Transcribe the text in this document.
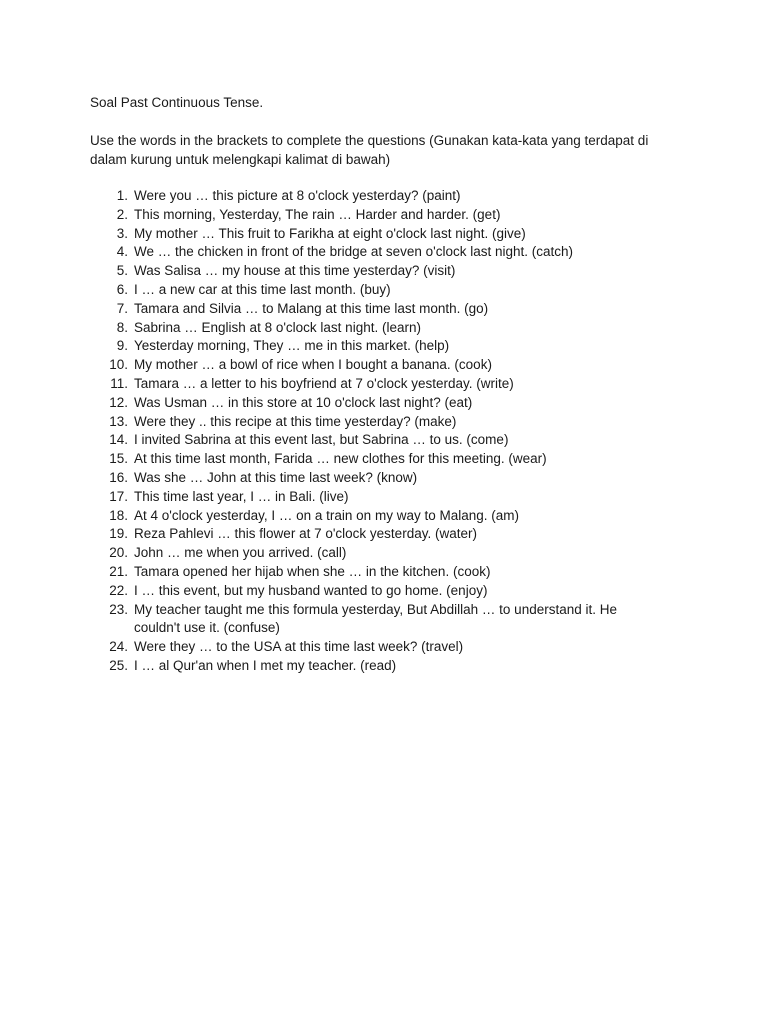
Soal Past Continuous Tense.

Use the words in the brackets to complete the questions (Gunakan kata-kata yang terdapat di dalam kurung untuk melengkapi kalimat di bawah)
1. Were you … this picture at 8 o'clock yesterday? (paint)
2. This morning, Yesterday, The rain … Harder and harder. (get)
3. My mother … This fruit to Farikha at eight o'clock last night. (give)
4. We … the chicken in front of the bridge at seven o'clock last night. (catch)
5. Was Salisa … my house at this time yesterday? (visit)
6. I … a new car at this time last month. (buy)
7. Tamara and Silvia … to Malang at this time last month. (go)
8. Sabrina … English at 8 o'clock last night. (learn)
9. Yesterday morning, They … me in this market. (help)
10. My mother … a bowl of rice when I bought a banana. (cook)
11. Tamara … a letter to his boyfriend at 7 o'clock yesterday. (write)
12. Was Usman … in this store at 10 o'clock last night? (eat)
13. Were they .. this recipe at this time yesterday? (make)
14. I invited Sabrina at this event last, but Sabrina … to us. (come)
15. At this time last month, Farida … new clothes for this meeting. (wear)
16. Was she … John at this time last week? (know)
17. This time last year, I … in Bali. (live)
18. At 4 o'clock yesterday, I … on a train on my way to Malang. (am)
19. Reza Pahlevi … this flower at 7 o'clock yesterday. (water)
20. John … me when you arrived. (call)
21. Tamara opened her hijab when she … in the kitchen. (cook)
22. I … this event, but my husband wanted to go home. (enjoy)
23. My teacher taught me this formula yesterday, But Abdillah … to understand it. He couldn't use it. (confuse)
24. Were they … to the USA at this time last week? (travel)
25. I … al Qur'an when I met my teacher. (read)
